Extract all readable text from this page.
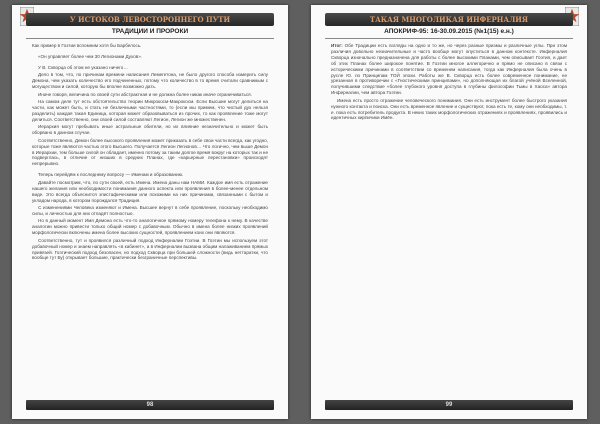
У ИСТОКОВ ЛЕВОСТОРОННЕГО ПУТИ
ТРАДИЦИИ И ПРОРОКИ

Как пример в Гоэтии вспомним хотя бы Барбелось.

«Он управляет более чем 30 Легионами Духов».

У В. Скворца об этом не указано ничего…

Дело в том, что, по причинам времени написания Лемегетона, не было другого способа измерить силу Демона, чем указать количество его подчиненных, потому что количество в то время считали сравнимым с могуществом и силой, которую бы вполне возможно дать.

Иначе говоря, величина по своей сути абстрактная и не должна более никак иначе ограничиваться.

На самом деле тут есть обстоятельство теории Микрокосм-Макрокосм. Если Высшие могут делиться на части, как может быть, и стать не безличными частностями, то (если мы примем, что чистый дух нельзя разделить) каждая такая Единица, которая может образовываться из прочих, то как проявление тоже могут делиться. Соответственно, они своей силой составляют Легион, Легион же множественен.

Иерархия могут пребывать иные астральные обители, но их влияние незначительно и может быть оборвано в данном случае.

Соответственно, Демон более высокого проявления может приказать в себе свои части всегда, как угодно, которые тоже являются частью этого Высшего. Получается Легион Легионов… Что логично, чем выше Демон в Иерархии, тем больше силой он обладает, именно потому за таким долгое время вокруг на которых так и не подверглась, в отличие от низших в средних Планах, где «карьерные перестановки» происходят непрерывно.

Теперь перейдём к последнему вопросу — Именам и образованию.

Давайте посмотрим, что, по сути своей, есть Имена. Имена даны нам НАМИ. Каждое имя есть отражение нашего желания или необходимости понимания данного аспекта или проявления в более-менее отдельном виде. Это всегда объяснится эпистафическими или похожими на них причинами, связанными с бытом и укладом народа, в котором порождался Традиция.

С изменениями Человека изменяют и Имена. Высшее вернут в себе проявление, поскольку необходимо силы, и личностью для них отпадёт полностью.

Но в данный момент Имя Демона есть что-то аналогичное прямому номеру телефона к нему. В качестве аналогии можно привести только общий номер с добавочным. Обычно в имена более низких проявлений морфологически включены имена более высоких сущностей, проявлением коих они являются.

Соответственно, тут и проявился различный подход Инферналии Гоэтии. В Гоэтии мы используем этот добавочный номер и знаем направлять «в кабинет», а в Инферналии вызвана общим налаживанием прямых привязей. Гоэтический подход безопасен, но подход Скворца при большей сложности (видь неттаратки, что вообще тут Бу) открывает большие, практически безграничные перспективы.

98
ТАКАЯ МНОГОЛИКАЯ ИНФЕРНАЛИЯ
АПОКРИФ-95: 16-30.09.2015 (№1(15) е.н.)

Итог: Обе Традиции есть взгляды на одно и то же, но через разные призмы и различные углы. При этом различия довольно незначительные и часто вообще могут опуститься в данном контексте. Инферналия Скворца изначально предназначена для работы с более высокими Планами, чем описывает Гоэтия, и дает об этих Планах более широкое понятие. В Гоэтии многое аллегорично и прямо не описано в связи с историческими причинами в соответствии со временем написания, тогда как Инферналия была очень в русле Ю. по Принципам ТОЙ эпохи. Работы же В. Скворца есть более современное понимание, не урезанная в противоречии с «Гностическими принципами», но дополняющая их благой учёной Вселенной, получившими следствие «более глубокого уровня доступа в глубины философии Тьмы в Хаоса» автора Инферналии, чем автора Гоэтии.

Имена есть просто отражение человеческого понимания. Они есть инструмент более быстрого указания нужного контакта и поиска. Они есть временное явление и существуют, пока есть те, кому они необходимы, т. е. пока есть потребитель продукта. В неких таких морфологических отражениях и проявлениях, проявились и идентичных кирпичики Имён.

99
